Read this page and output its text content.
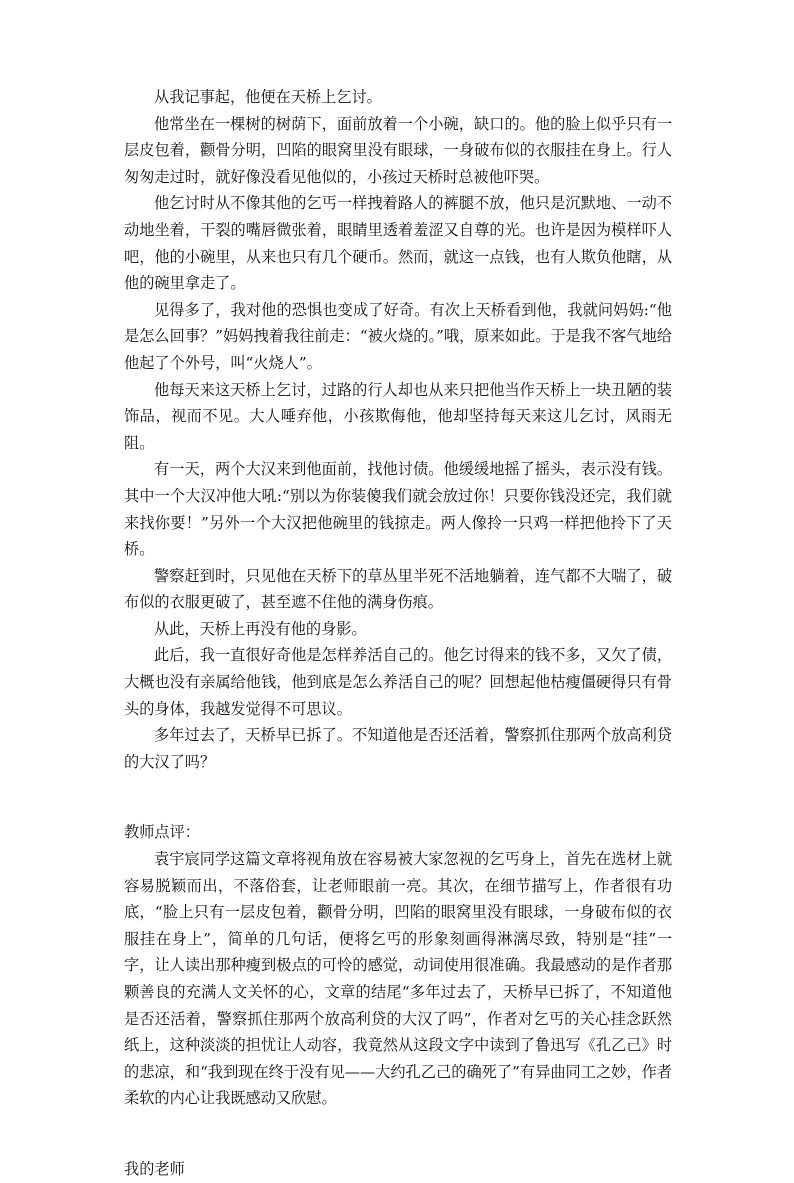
从我记事起，他便在天桥上乞讨。

他常坐在一棵树的树荫下，面前放着一个小碗，缺口的。他的脸上似乎只有一层皮包着，颧骨分明，凹陷的眼窝里没有眼球，一身破布似的衣服挂在身上。行人匆匆走过时，就好像没看见他似的，小孩过天桥时总被他吓哭。

他乞讨时从不像其他的乞丐一样拽着路人的裤腿不放，他只是沉默地、一动不动地坐着，干裂的嘴唇微张着，眼睛里透着羞涩又自尊的光。也许是因为模样吓人吧，他的小碗里，从来也只有几个硬币。然而，就这一点钱，也有人欺负他瞎，从他的碗里拿走了。

见得多了，我对他的恐惧也变成了好奇。有次上天桥看到他，我就问妈妈:“他是怎么回事？”妈妈拽着我往前走：“被火烧的。”哦，原来如此。于是我不客气地给他起了个外号，叫“火烧人”。

他每天来这天桥上乞讨，过路的行人却也从来只把他当作天桥上一块丑陋的装饰品，视而不见。大人唾弃他，小孩欺侮他，他却坚持每天来这儿乞讨，风雨无阻。

有一天，两个大汉来到他面前，找他讨债。他缓缓地摇了摇头，表示没有钱。其中一个大汉冲他大吼:“别以为你装傻我们就会放过你！只要你钱没还完，我们就来找你要！”另外一个大汉把他碗里的钱掠走。两人像拎一只鸡一样把他拎下了天桥。

警察赶到时，只见他在天桥下的草丛里半死不活地躺着，连气都不大喘了，破布似的衣服更破了，甚至遮不住他的满身伤痕。

从此，天桥上再没有他的身影。

此后，我一直很好奇他是怎样养活自己的。他乞讨得来的钱不多，又欠了债，大概也没有亲属给他钱，他到底是怎么养活自己的呢？回想起他枯瘦僵硬得只有骨头的身体，我越发觉得不可思议。

多年过去了，天桥早已拆了。不知道他是否还活着，警察抓住那两个放高利贷的大汉了吗？

教师点评：

袁宇宸同学这篇文章将视角放在容易被大家忽视的乞丐身上，首先在选材上就容易脱颖而出，不落俗套，让老师眼前一亮。其次，在细节描写上，作者很有功底，“脸上只有一层皮包着，颧骨分明，凹陷的眼窝里没有眼球，一身破布似的衣服挂在身上”，简单的几句话，便将乞丐的形象刻画得淋漓尽致，特别是“挂”一字，让人读出那种瘦到极点的可怜的感觉，动词使用很准确。我最感动的是作者那颗善良的充满人文关怀的心，文章的结尾“多年过去了，天桥早已拆了，不知道他是否还活着，警察抓住那两个放高利贷的大汉了吗”，作者对乞丐的关心挂念跃然纸上，这种淡淡的担忧让人动容，我竟然从这段文字中读到了鲁迅写《孔乙己》时的悲凉，和“我到现在终于没有见——大约孔乙己的确死了”有异曲同工之妙，作者柔软的内心让我既感动又欣慰。

我的老师
